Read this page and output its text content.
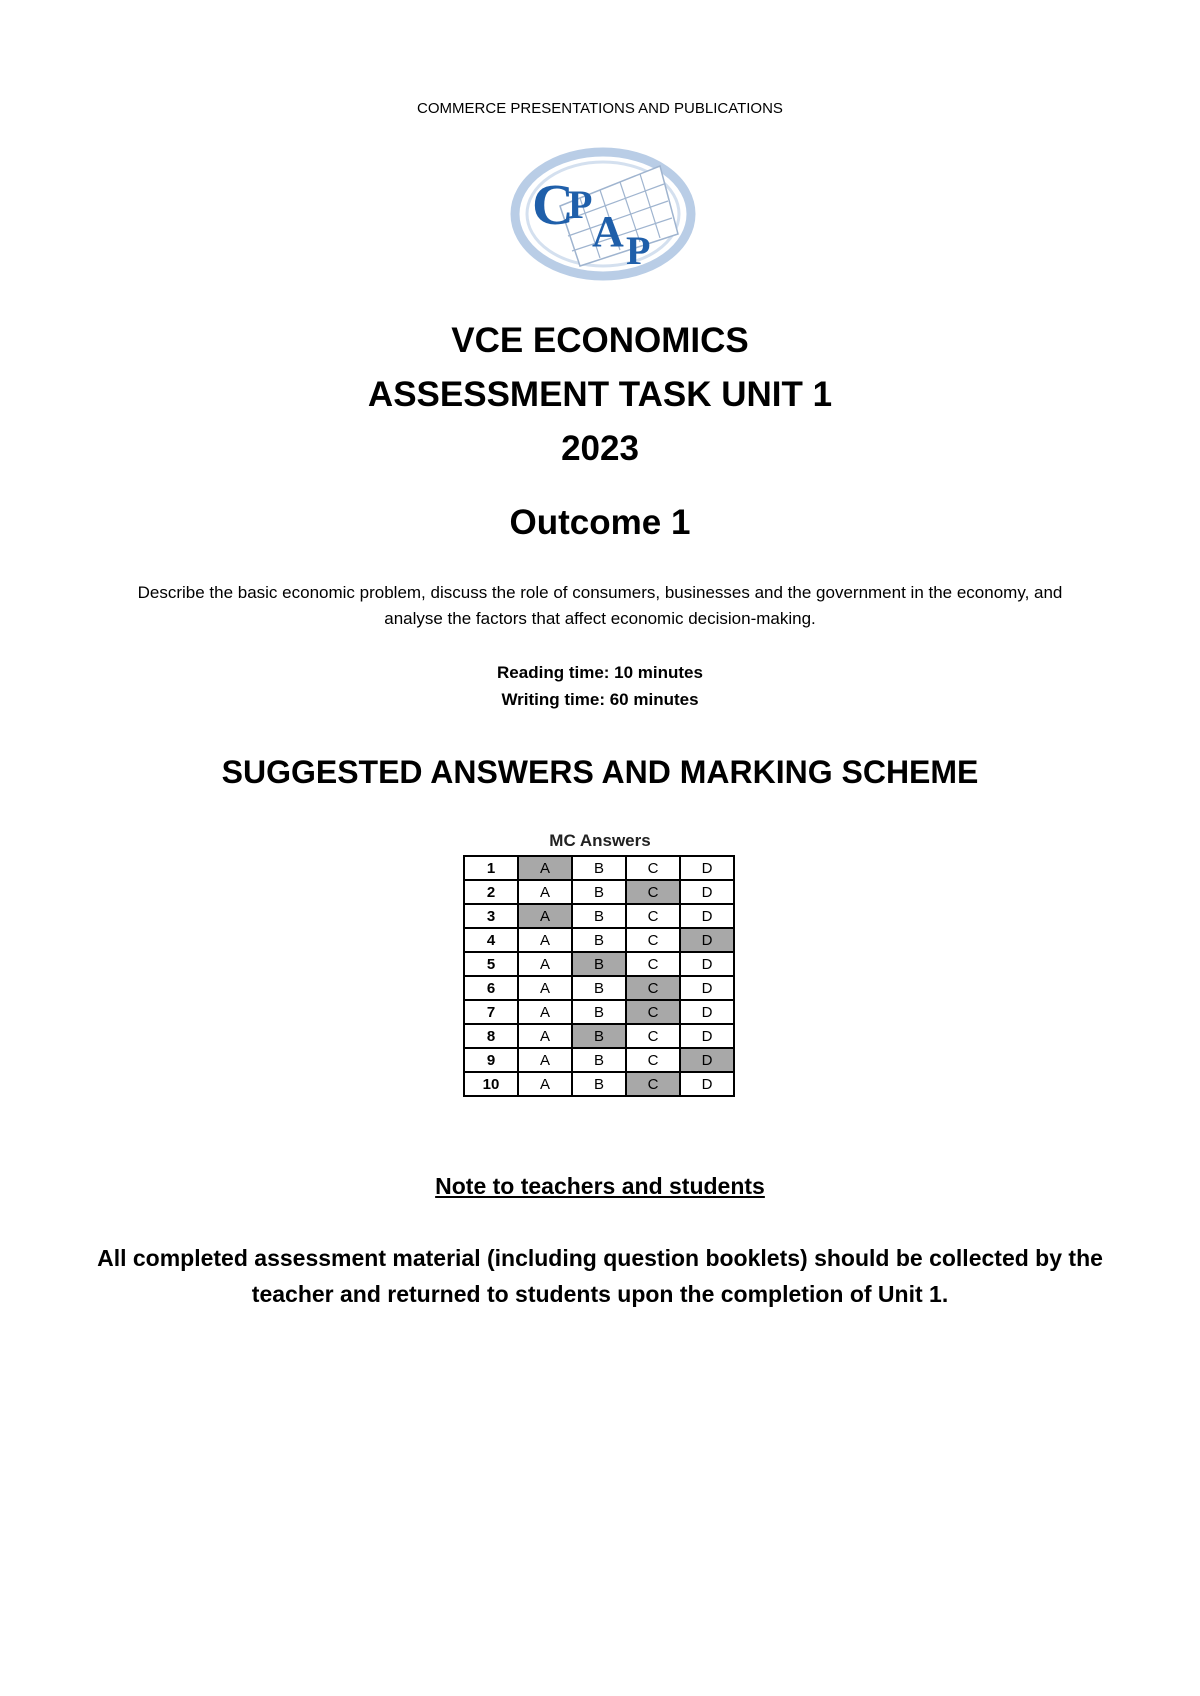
COMMERCE PRESENTATIONS AND PUBLICATIONS
C
P
A P
VCE ECONOMICS
ASSESSMENT TASK UNIT 1
2023
Outcome 1
Describe the basic economic problem, discuss the role of consumers, businesses and the government in the economy, and analyse the factors that affect economic decision-making.
Reading time: 10 minutes
Writing time: 60 minutes
SUGGESTED ANSWERS AND MARKING SCHEME
MC Answers
1	A	B	C	D
2	A	B	C	D
3	A	B	C	D
4	A	B	C	D
5	A	B	C	D
6	A	B	C	D
7	A	B	C	D
8	A	B	C	D
9	A	B	C	D
10	A	B	C	D
Note to teachers and students
All completed assessment material (including question booklets) should be collected by the teacher and returned to students upon the completion of Unit 1.
